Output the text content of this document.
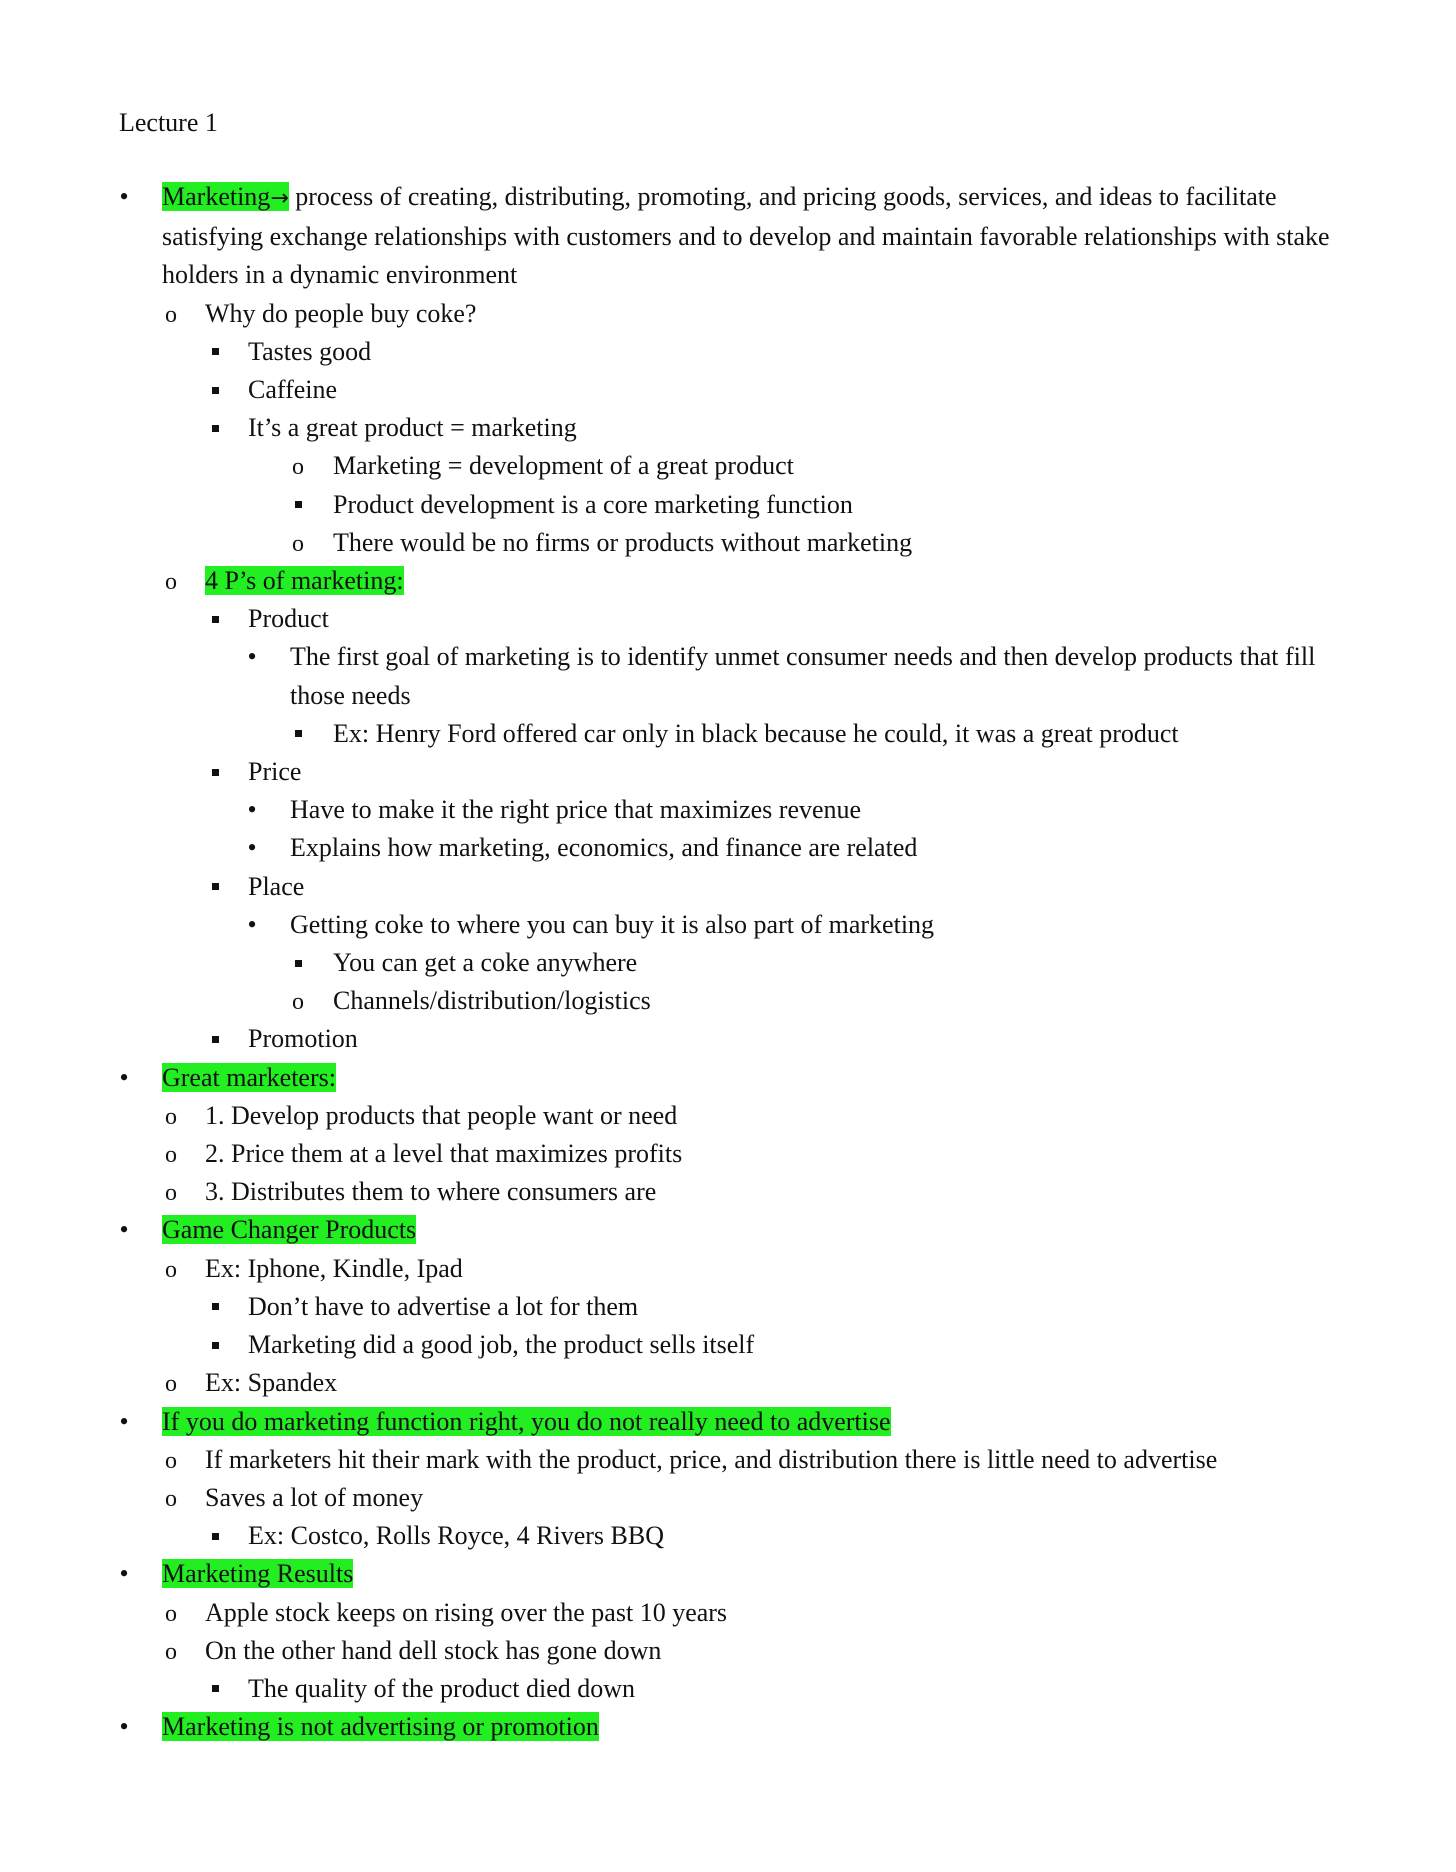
Lecture 1
•
Marketing→ process of creating, distributing, promoting, and pricing goods, services, and ideas to facilitate satisfying exchange relationships with customers and to develop and maintain favorable relationships with stake holders in a dynamic environment
o
Why do people buy coke?
Tastes good
Caffeine
It’s a great product = marketing
o
Marketing = development of a great product
Product development is a core marketing function
o
There would be no firms or products without marketing
o
4 P’s of marketing:
Product
•
The first goal of marketing is to identify unmet consumer needs and then develop products that fill those needs
Ex: Henry Ford offered car only in black because he could, it was a great product
Price
•
Have to make it the right price that maximizes revenue
•
Explains how marketing, economics, and finance are related
Place
•
Getting coke to where you can buy it is also part of marketing
You can get a coke anywhere
o
Channels/distribution/logistics
Promotion
•
Great marketers:
o
1. Develop products that people want or need
o
2. Price them at a level that maximizes profits
o
3. Distributes them to where consumers are
•
Game Changer Products
o
Ex: Iphone, Kindle, Ipad
Don’t have to advertise a lot for them
Marketing did a good job, the product sells itself
o
Ex: Spandex
•
If you do marketing function right, you do not really need to advertise
o
If marketers hit their mark with the product, price, and distribution there is little need to advertise
o
Saves a lot of money
Ex: Costco, Rolls Royce, 4 Rivers BBQ
•
Marketing Results
o
Apple stock keeps on rising over the past 10 years
o
On the other hand dell stock has gone down
The quality of the product died down
•
Marketing is not advertising or promotion
